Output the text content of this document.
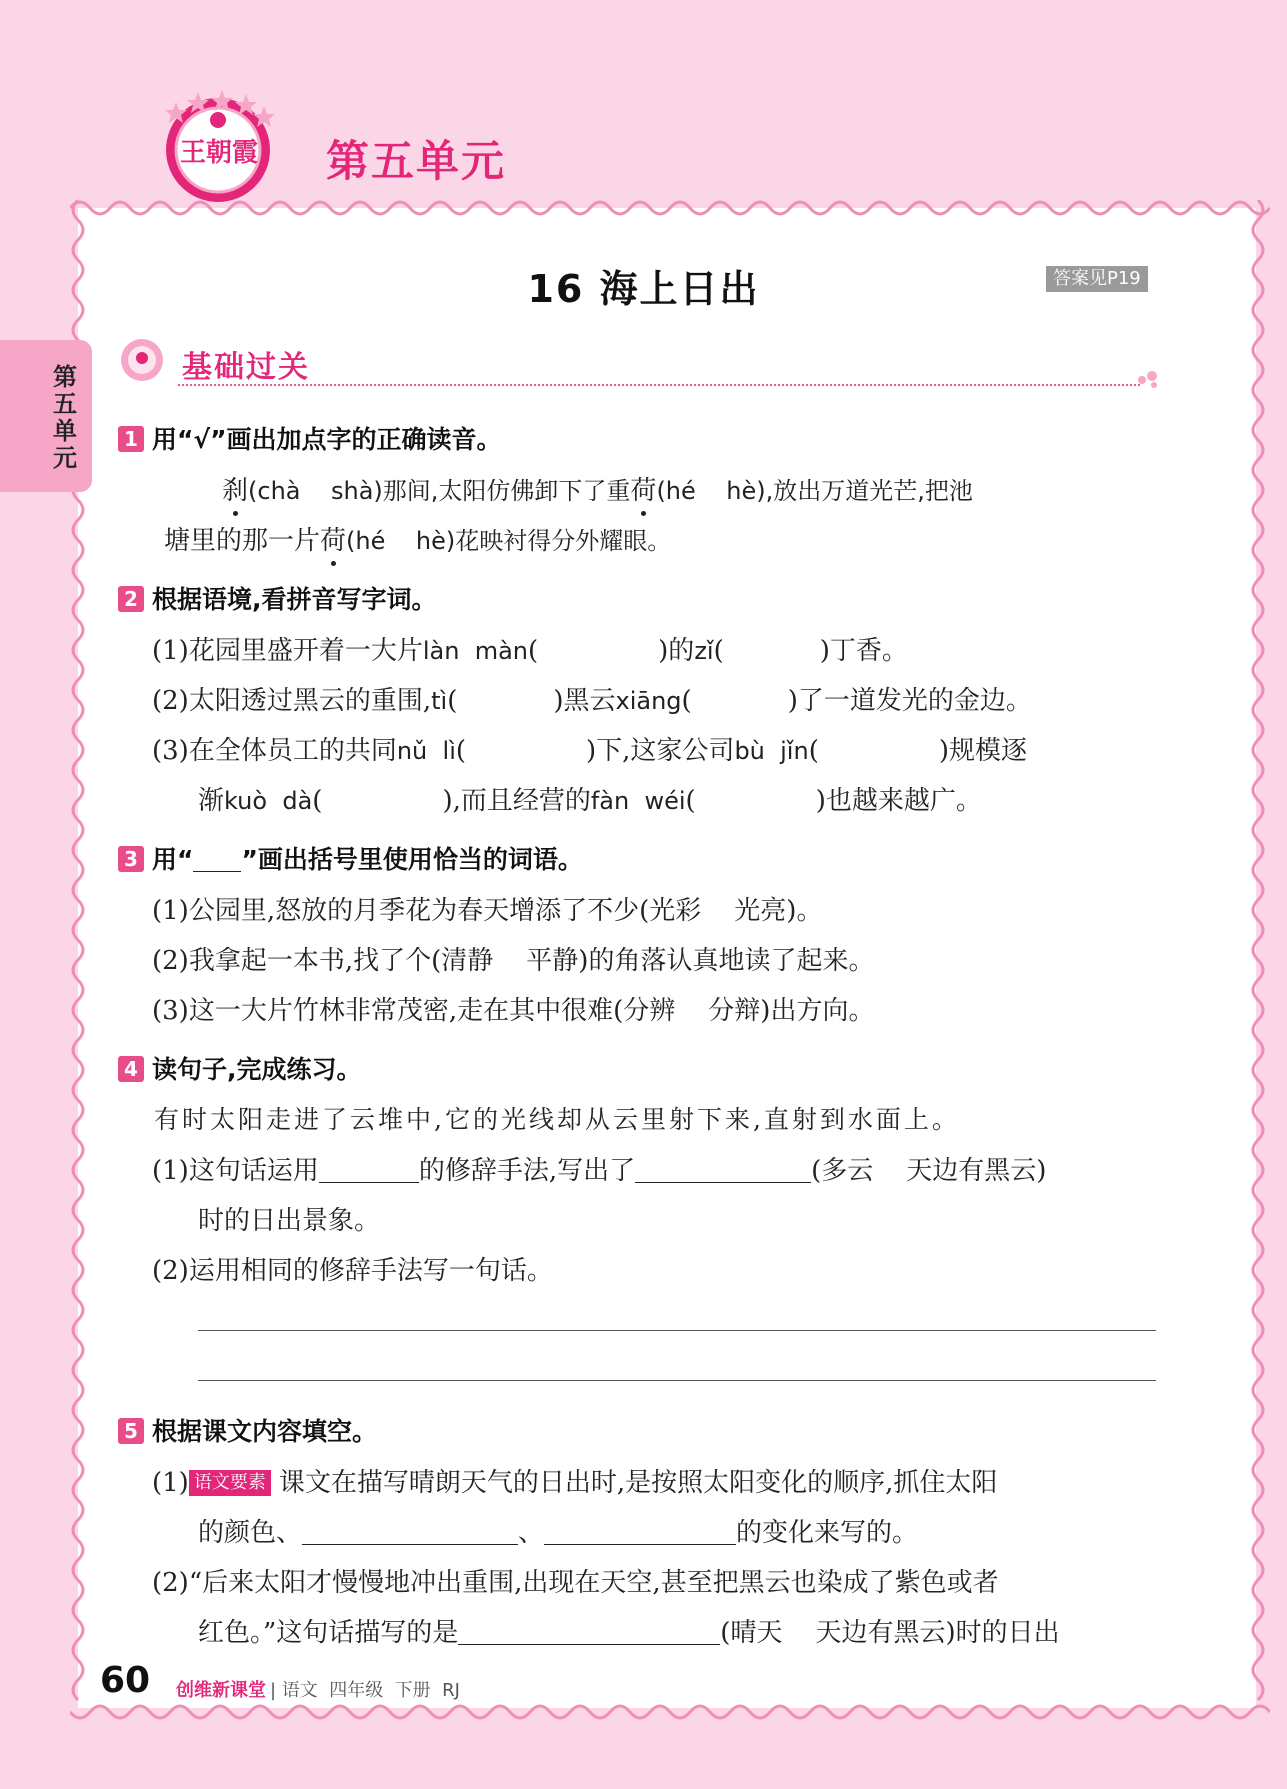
王朝霞 第五单元
第五单元
16 海上日出	答案见P19
基础过关
1 用“√”画出加点字的正确读音。
刹(chà    shà)那间,太阳仿佛卸下了重荷(hé    hè),放出万道光芒,把池
塘里的那一片荷(hé    hè)花映衬得分外耀眼。
2 根据语境,看拼音写字词。
(1)花园里盛开着一大片làn  màn(	)的zǐ(	)丁香。
(2)太阳透过黑云的重围,tì(	)黑云xiāng(	)了一道发光的金边。
(3)在全体员工的共同nǔ  lì(	)下,这家公司bù  jǐn(	)规模逐
渐kuò  dà(	),而且经营的fàn  wéi(	)也越来越广。
3 用“ ”画出括号里使用恰当的词语。
(1)公园里,怒放的月季花为春天增添了不少(光彩    光亮)。
(2)我拿起一本书,找了个(清静    平静)的角落认真地读了起来。
(3)这一大片竹林非常茂密,走在其中很难(分辨    分辩)出方向。
4 读句子,完成练习。
有时太阳走进了云堆中,它的光线却从云里射下来,直射到水面上。
(1)这句话运用	的修辞手法,写出了	(多云    天边有黑云)
时的日出景象。
(2)运用相同的修辞手法写一句话。
5 根据课文内容填空。
(1) 语文要素 课文在描写晴朗天气的日出时,是按照太阳变化的顺序,抓住太阳
的颜色、	、	的变化来写的。
(2)“后来太阳才慢慢地冲出重围,出现在天空,甚至把黑云也染成了紫色或者
红色。”这句话描写的是	(晴天    天边有黑云)时的日出
60 创维新课堂 | 语文  四年级  下册  RJ
